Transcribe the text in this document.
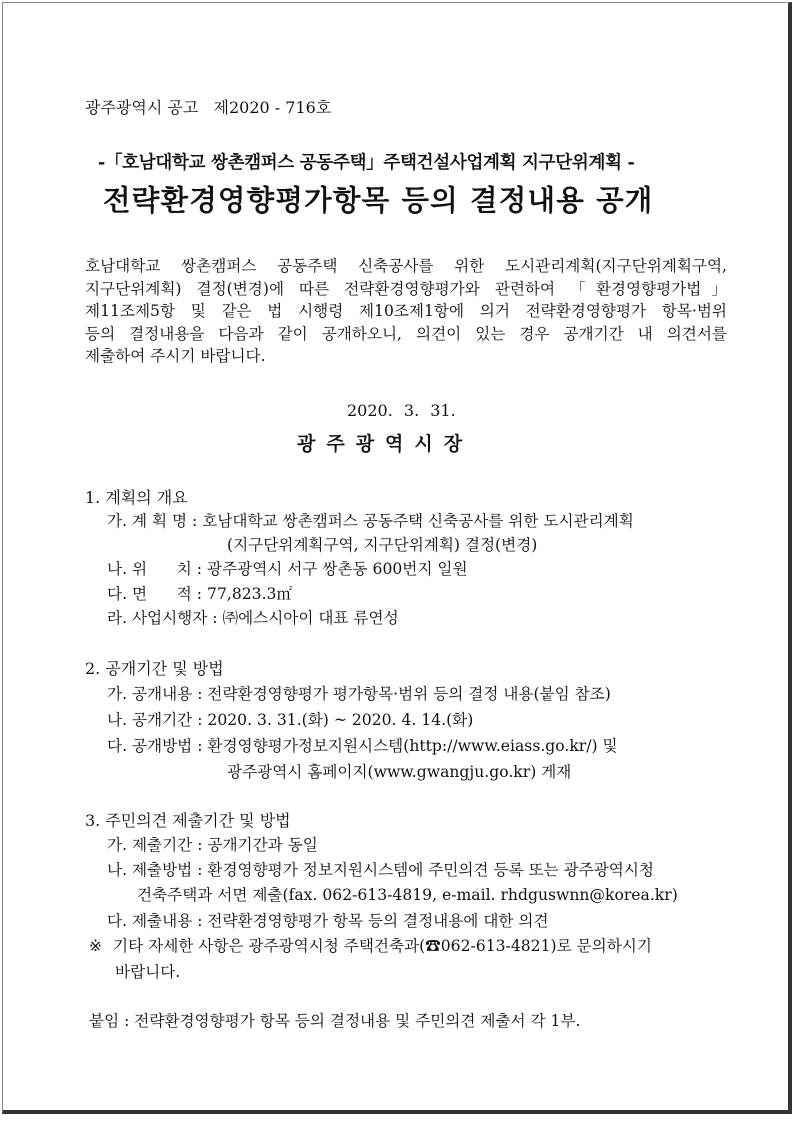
광주광역시 공고   제2020 - 716호
-「호남대학교 쌍촌캠퍼스 공동주택」주택건설사업계획 지구단위계획 -
전략환경영향평가항목 등의 결정내용 공개
호남대학교 쌍촌캠퍼스 공동주택 신축공사를 위한 도시관리계획(지구단위계획구역,
지구단위계획) 결정(변경)에 따른 전략환경영향평가와 관련하여 「환경영향평가법」
제11조제5항 및 같은 법 시행령 제10조제1항에 의거 전략환경영향평가 항목·범위
등의 결정내용을 다음과 같이 공개하오니, 의견이 있는 경우 공개기간 내 의견서를
제출하여 주시기 바랍니다.
2020. 3. 31.
광주광역시장
1. 계획의 개요
가. 계 획 명 : 호남대학교 쌍촌캠퍼스 공동주택 신축공사를 위한 도시관리계획
(지구단위계획구역, 지구단위계획) 결정(변경)
나. 위      치 : 광주광역시 서구 쌍촌동 600번지 일원
다. 면      적 : 77,823.3㎡
라. 사업시행자 : ㈜에스시아이 대표 류연성
2. 공개기간 및 방법
가. 공개내용 : 전략환경영향평가 평가항목·범위 등의 결정 내용(붙임 참조)
나. 공개기간 : 2020. 3. 31.(화) ~ 2020. 4. 14.(화)
다. 공개방법 : 환경영향평가정보지원시스템(http://www.eiass.go.kr/) 및
광주광역시 홈페이지(www.gwangju.go.kr) 게재
3. 주민의견 제출기간 및 방법
가. 제출기간 : 공개기간과 동일
나. 제출방법 : 환경영향평가 정보지원시스템에 주민의견 등록 또는 광주광역시청
건축주택과 서면 제출(fax. 062-613-4819, e-mail. rhdguswnn@korea.kr)
다. 제출내용 : 전략환경영향평가 항목 등의 결정내용에 대한 의견
※ 기타 자세한 사항은 광주광역시청 주택건축과(☎062-613-4821)로 문의하시기
바랍니다.
붙임 : 전략환경영향평가 항목 등의 결정내용 및 주민의견 제출서 각 1부.
